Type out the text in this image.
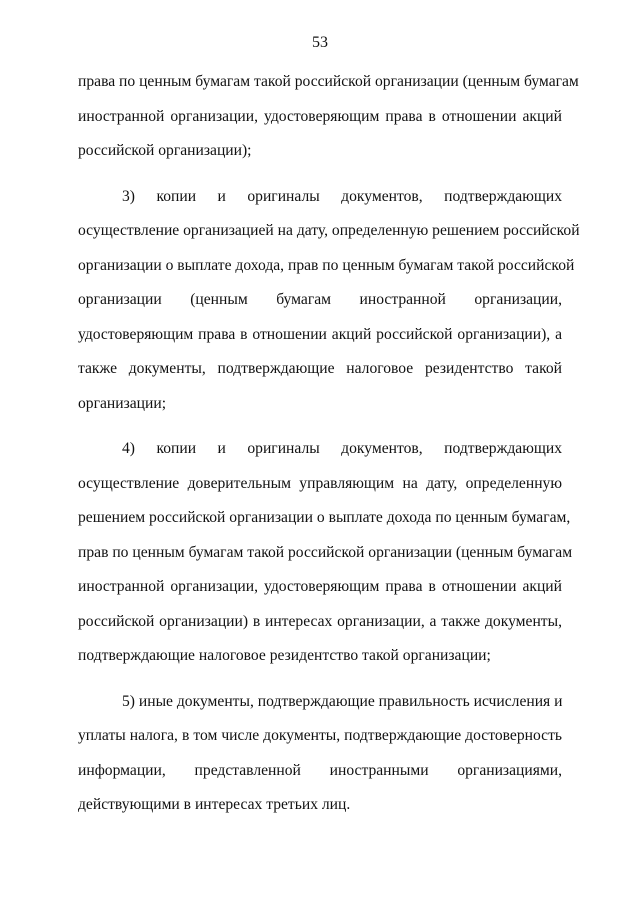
53
права по ценным бумагам такой российской организации (ценным бумагам
иностранной организации, удостоверяющим права в отношении акций
российской организации);
3) копии и оригиналы документов, подтверждающих
осуществление организацией на дату, определенную решением российской
организации о выплате дохода, прав по ценным бумагам такой российской
организации (ценным бумагам иностранной организации,
удостоверяющим права в отношении акций российской организации), а
также документы, подтверждающие налоговое резидентство такой
организации;
4) копии и оригиналы документов, подтверждающих
осуществление доверительным управляющим на дату, определенную
решением российской организации о выплате дохода по ценным бумагам,
прав по ценным бумагам такой российской организации (ценным бумагам
иностранной организации, удостоверяющим права в отношении акций
российской организации) в интересах организации, а также документы,
подтверждающие налоговое резидентство такой организации;
5) иные документы, подтверждающие правильность исчисления и
уплаты налога, в том числе документы, подтверждающие достоверность
информации, представленной иностранными организациями,
действующими в интересах третьих лиц.
